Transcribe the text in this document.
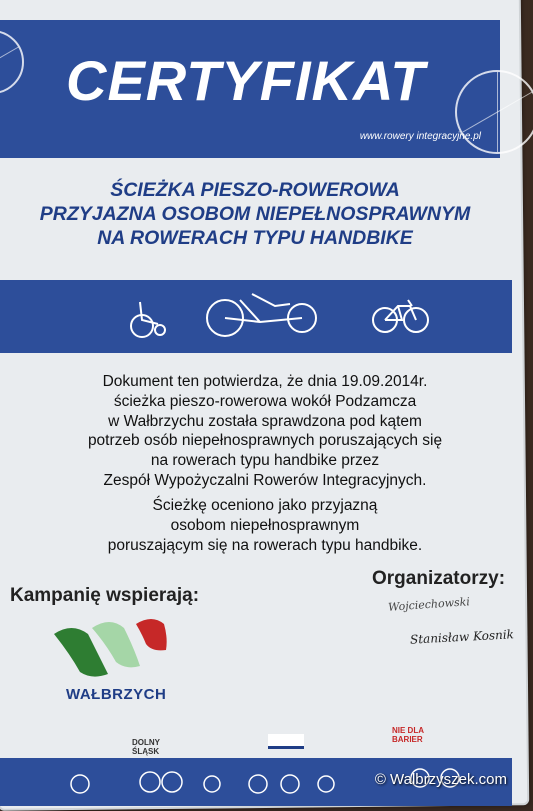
CERTYFIKAT
www.rowery integracyjne.pl
ŚCIEŻKA PIESZO-ROWEROWA
PRZYJAZNA OSOBOM NIEPEŁNOSPRAWNYM
NA ROWERACH TYPU HANDBIKE
Dokument ten potwierdza, że dnia 19.09.2014r.
ścieżka pieszo-rowerowa wokół Podzamcza
w Wałbrzychu została sprawdzona pod kątem
potrzeb osób niepełnosprawnych poruszających się
na rowerach typu handbike przez
Zespół Wypożyczalni Rowerów Integracyjnych.
Ścieżkę oceniono jako przyjazną
osobom niepełnosprawnym
poruszającym się na rowerach typu handbike.
Kampanię wspierają:
Organizatorzy:
Wojciechowski
Stanisław Kosnik
WAŁBRZYCH
DOLNY
ŚLĄSK
NIE DLA
BARIER
© Walbrzyszek.com
